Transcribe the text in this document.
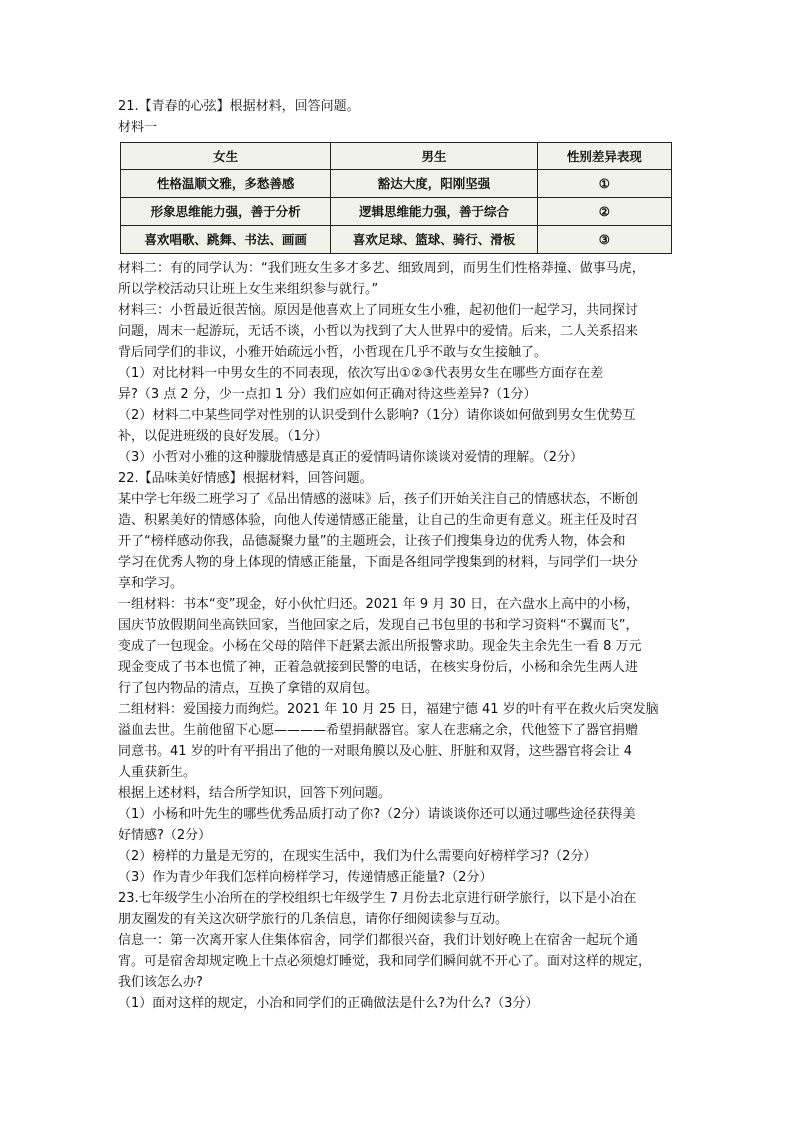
21.【青春的心弦】根据材料，回答问题。

材料一

女生	男生	性别差异表现
性格温顺文雅，多愁善感	豁达大度，阳刚坚强	①
形象思维能力强，善于分析	逻辑思维能力强，善于综合	②
喜欢唱歌、跳舞、书法、画画	喜欢足球、篮球、骑行、滑板	③

材料二：有的同学认为：“我们班女生多才多艺、细致周到，而男生们性格莽撞、做事马虎，

所以学校活动只让班上女生来组织参与就行。”

材料三：小哲最近很苦恼。原因是他喜欢上了同班女生小雅，起初他们一起学习，共同探讨

问题，周末一起游玩，无话不谈，小哲以为找到了大人世界中的爱情。后来，二人关系招来

背后同学们的非议，小雅开始疏远小哲，小哲现在几乎不敢与女生接触了。

（1）对比材料一中男女生的不同表现，依次写出①②③代表男女生在哪些方面存在差

异?（3 点 2 分，少一点扣 1 分）我们应如何正确对待这些差异?（1分）

（2）材料二中某些同学对性别的认识受到什么影响?（1分）请你谈如何做到男女生优势互

补，以促进班级的良好发展。（1分）

（3）小哲对小雅的这种朦胧情感是真正的爱情吗请你谈谈对爱情的理解。（2分）

22.【品味美好情感】根据材料，回答问题。

某中学七年级二班学习了《品出情感的滋味》后，孩子们开始关注自己的情感状态，不断创

造、积累美好的情感体验，向他人传递情感正能量，让自己的生命更有意义。班主任及时召

开了“榜样感动你我，品德凝聚力量”的主题班会，让孩子们搜集身边的优秀人物，体会和

学习在优秀人物的身上体现的情感正能量，下面是各组同学搜集到的材料，与同学们一块分

享和学习。

一组材料：书本“变”现金，好小伙忙归还。2021 年 9 月 30 日，在六盘水上高中的小杨，

国庆节放假期间坐高铁回家，当他回家之后，发现自己书包里的书和学习资料“不翼而飞”，

变成了一包现金。小杨在父母的陪伴下赶紧去派出所报警求助。现金失主余先生一看 8 万元

现金变成了书本也慌了神，正着急就接到民警的电话，在核实身份后，小杨和余先生两人进

行了包内物品的清点，互换了拿错的双肩包。

二组材料：爱国接力而绚烂。2021 年 10 月 25 日，福建宁德 41 岁的叶有平在救火后突发脑

溢血去世。生前他留下心愿————希望捐献器官。家人在悲痛之余，代他签下了器官捐赠

同意书。41 岁的叶有平捐出了他的一对眼角膜以及心脏、肝脏和双肾，这些器官将会让 4

人重获新生。

根据上述材料，结合所学知识，回答下列问题。

（1）小杨和叶先生的哪些优秀品质打动了你?（2分）请谈谈你还可以通过哪些途径获得美

好情感?（2分）

（2）榜样的力量是无穷的，在现实生活中，我们为什么需要向好榜样学习?（2分）

（3）作为青少年我们怎样向榜样学习，传递情感正能量?（2分）

23.七年级学生小冶所在的学校组织七年级学生 7 月份去北京进行研学旅行，以下是小冶在

朋友圈发的有关这次研学旅行的几条信息，请你仔细阅读参与互动。

信息一：第一次离开家人住集体宿舍，同学们都很兴奋，我们计划好晚上在宿舍一起玩个通

宵。可是宿舍却规定晚上十点必须熄灯睡觉，我和同学们瞬间就不开心了。面对这样的规定，

我们该怎么办?

（1）面对这样的规定，小冶和同学们的正确做法是什么?为什么?（3分）
